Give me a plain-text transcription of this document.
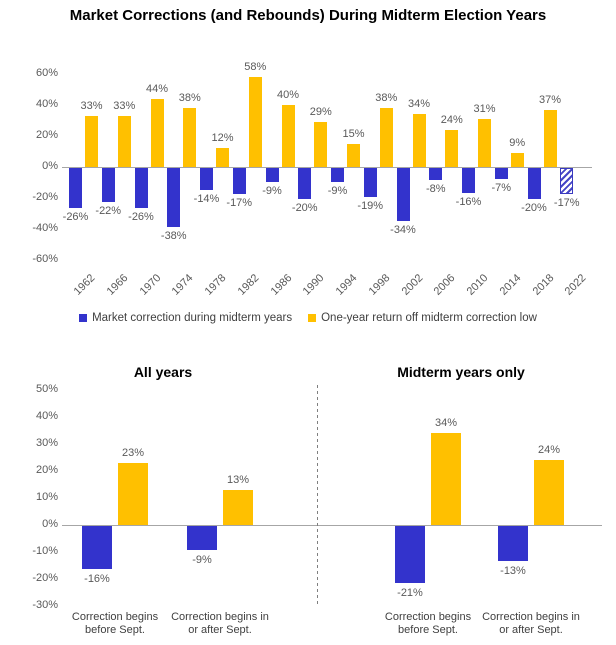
Market Corrections (and Rebounds) During Midterm Election Years
60%
40%
20%
0%
-20%
-40%
-60%
-26%
33%
1962
-22%
33%
1966
-26%
44%
1970
-38%
38%
1974
-14%
12%
1978
-17%
58%
1982
-9%
40%
1986
-20%
29%
1990
-9%
15%
1994
-19%
38%
1998
-34%
34%
2002
-8%
24%
2006
-16%
31%
2010
-7%
9%
2014
-20%
37%
2018
-17%
2022
Market correction during midterm years	One-year return off midterm correction low
50%
40%
30%
20%
10%
0%
-10%
-20%
-30%
All years
-16%
23%
Correction begins
before Sept.
-9%
13%
Correction begins in
or after Sept.
Midterm years only
-21%
34%
Correction begins
before Sept.
-13%
24%
Correction begins in
or after Sept.
